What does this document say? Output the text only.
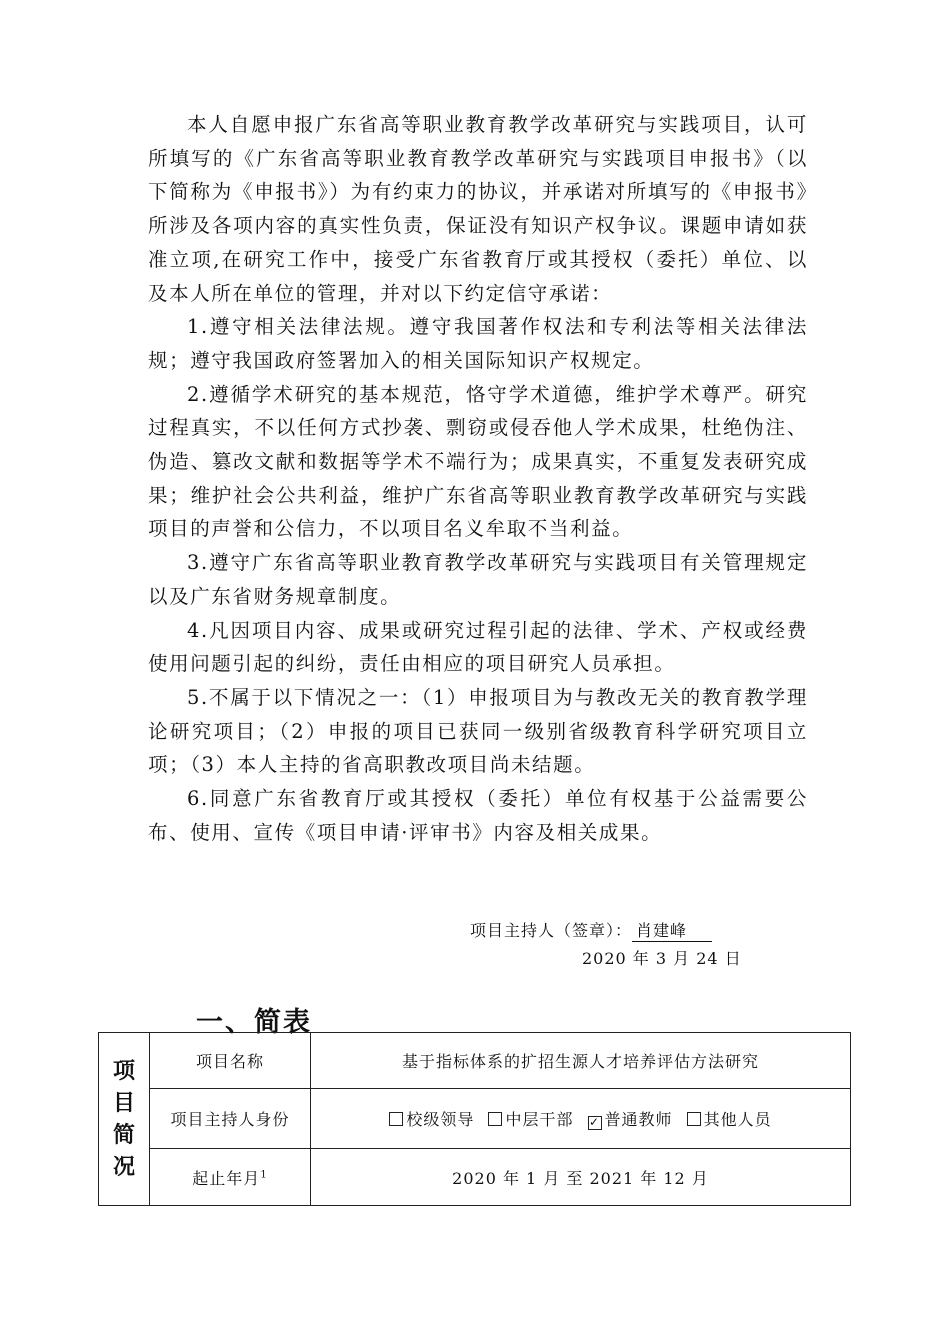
本人自愿申报广东省高等职业教育教学改革研究与实践项目，认可所填写的《广东省高等职业教育教学改革研究与实践项目申报书》（以下简称为《申报书》）为有约束力的协议，并承诺对所填写的《申报书》所涉及各项内容的真实性负责，保证没有知识产权争议。课题申请如获准立项,在研究工作中，接受广东省教育厅或其授权（委托）单位、以及本人所在单位的管理，并对以下约定信守承诺：

1.遵守相关法律法规。遵守我国著作权法和专利法等相关法律法规；遵守我国政府签署加入的相关国际知识产权规定。

2.遵循学术研究的基本规范，恪守学术道德，维护学术尊严。研究过程真实，不以任何方式抄袭、剽窃或侵吞他人学术成果，杜绝伪注、伪造、篡改文献和数据等学术不端行为；成果真实，不重复发表研究成果；维护社会公共利益，维护广东省高等职业教育教学改革研究与实践项目的声誉和公信力，不以项目名义牟取不当利益。

3.遵守广东省高等职业教育教学改革研究与实践项目有关管理规定以及广东省财务规章制度。

4.凡因项目内容、成果或研究过程引起的法律、学术、产权或经费使用问题引起的纠纷，责任由相应的项目研究人员承担。

5.不属于以下情况之一：（1）申报项目为与教改无关的教育教学理论研究项目；（2）申报的项目已获同一级别省级教育科学研究项目立项；（3）本人主持的省高职教改项目尚未结题。

6.同意广东省教育厅或其授权（委托）单位有权基于公益需要公布、使用、宣传《项目申请·评审书》内容及相关成果。

项目主持人（签章）： 肖建峰
2020 年 3 月 24 日
一、简表
项
目
简
况	项目名称	基于指标体系的扩招生源人才培养评估方法研究
	项目主持人身份	校级领导 中层干部 ✓ 普通教师 其他人员
	起止年月$^1$	2020 年 1 月 至 2021 年 12 月
